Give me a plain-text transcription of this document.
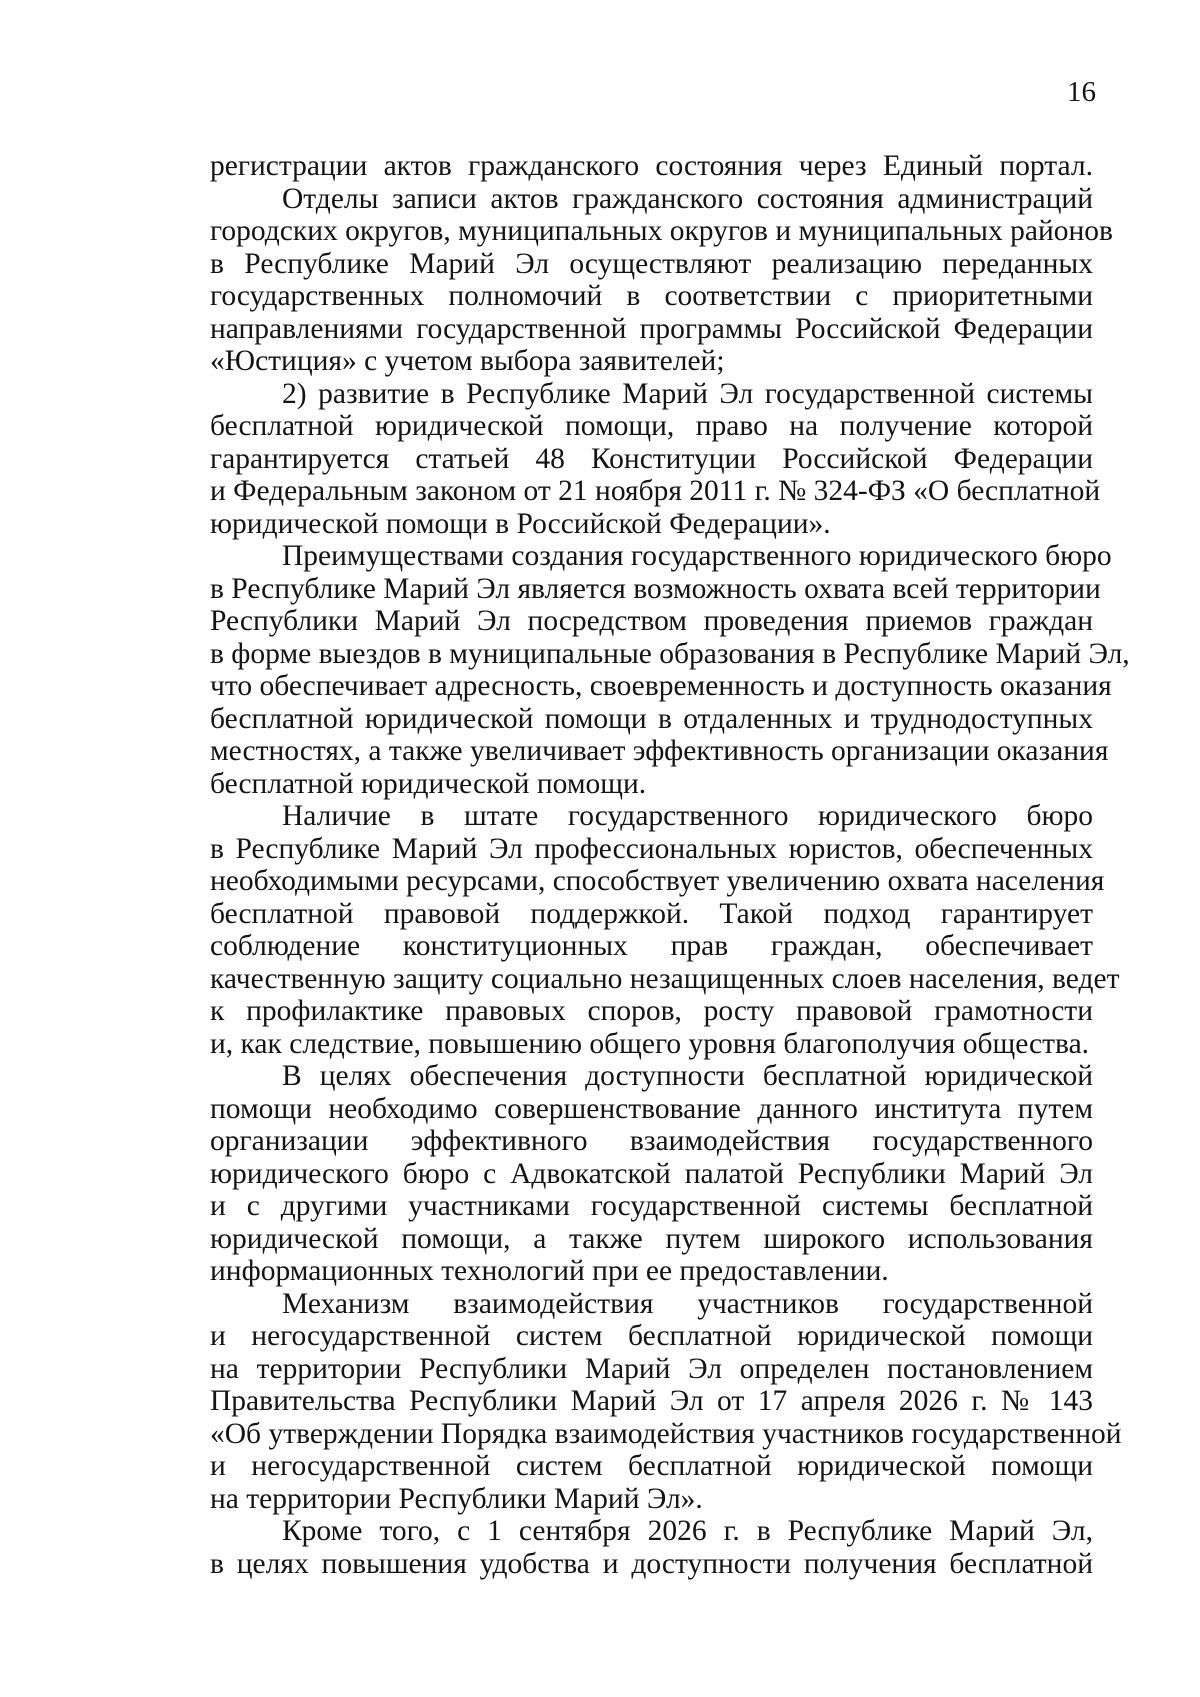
16
регистрации актов гражданского состояния через Единый портал.
Отделы записи актов гражданского состояния администраций
городских округов, муниципальных округов и муниципальных районов
в Республике Марий Эл осуществляют реализацию переданных
государственных полномочий в соответствии с приоритетными
направлениями государственной программы Российской Федерации
«Юстиция» с учетом выбора заявителей;
2) развитие в Республике Марий Эл государственной системы
бесплатной юридической помощи, право на получение которой
гарантируется статьей 48 Конституции Российской Федерации
и Федеральным законом от 21 ноября 2011 г. № 324-ФЗ «О бесплатной
юридической помощи в Российской Федерации».
Преимуществами создания государственного юридического бюро
в Республике Марий Эл является возможность охвата всей территории
Республики Марий Эл посредством проведения приемов граждан
в форме выездов в муниципальные образования в Республике Марий Эл,
что обеспечивает адресность, своевременность и доступность оказания
бесплатной юридической помощи в отдаленных и труднодоступных
местностях, а также увеличивает эффективность организации оказания
бесплатной юридической помощи.
Наличие в штате государственного юридического бюро
в Республике Марий Эл профессиональных юристов, обеспеченных
необходимыми ресурсами, способствует увеличению охвата населения
бесплатной правовой поддержкой. Такой подход гарантирует
соблюдение конституционных прав граждан, обеспечивает
качественную защиту социально незащищенных слоев населения, ведет
к профилактике правовых споров, росту правовой грамотности
и, как следствие, повышению общего уровня благополучия общества.
В целях обеспечения доступности бесплатной юридической
помощи необходимо совершенствование данного института путем
организации эффективного взаимодействия государственного
юридического бюро с Адвокатской палатой Республики Марий Эл
и с другими участниками государственной системы бесплатной
юридической помощи, а также путем широкого использования
информационных технологий при ее предоставлении.
Механизм взаимодействия участников государственной
и негосударственной систем бесплатной юридической помощи
на территории Республики Марий Эл определен постановлением
Правительства Республики Марий Эл от 17 апреля 2026 г. № 143
«Об утверждении Порядка взаимодействия участников государственной
и негосударственной систем бесплатной юридической помощи
на территории Республики Марий Эл».
Кроме того, с 1 сентября 2026 г. в Республике Марий Эл,
в целях повышения удобства и доступности получения бесплатной
